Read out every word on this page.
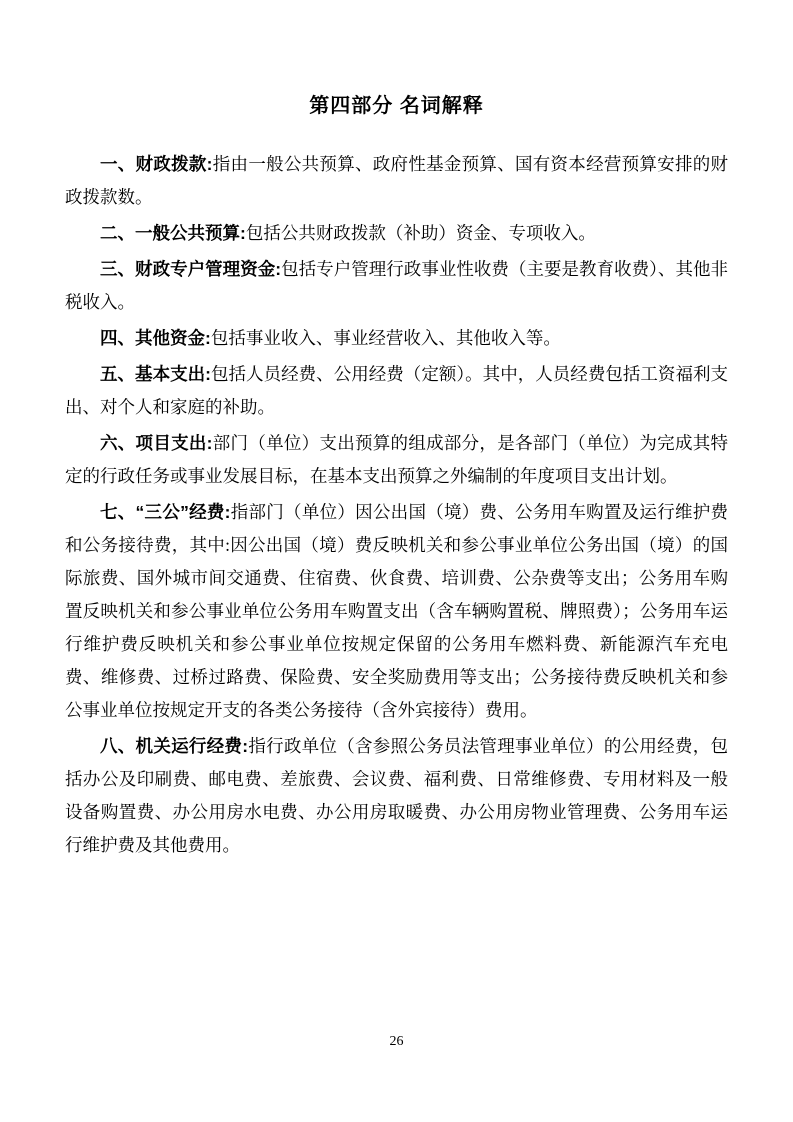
第四部分 名词解释

一、财政拨款:指由一般公共预算、政府性基金预算、国有资本经营预算安排的财政拨款数。

二、一般公共预算:包括公共财政拨款（补助）资金、专项收入。

三、财政专户管理资金:包括专户管理行政事业性收费（主要是教育收费）、其他非税收入。

四、其他资金:包括事业收入、事业经营收入、其他收入等。

五、基本支出:包括人员经费、公用经费（定额）。其中，人员经费包括工资福利支出、对个人和家庭的补助。

六、项目支出:部门（单位）支出预算的组成部分，是各部门（单位）为完成其特定的行政任务或事业发展目标，在基本支出预算之外编制的年度项目支出计划。

七、“三公”经费:指部门（单位）因公出国（境）费、公务用车购置及运行维护费和公务接待费，其中:因公出国（境）费反映机关和参公事业单位公务出国（境）的国际旅费、国外城市间交通费、住宿费、伙食费、培训费、公杂费等支出；公务用车购置反映机关和参公事业单位公务用车购置支出（含车辆购置税、牌照费）；公务用车运行维护费反映机关和参公事业单位按规定保留的公务用车燃料费、新能源汽车充电费、维修费、过桥过路费、保险费、安全奖励费用等支出；公务接待费反映机关和参公事业单位按规定开支的各类公务接待（含外宾接待）费用。

八、机关运行经费:指行政单位（含参照公务员法管理事业单位）的公用经费，包括办公及印刷费、邮电费、差旅费、会议费、福利费、日常维修费、专用材料及一般设备购置费、办公用房水电费、办公用房取暖费、办公用房物业管理费、公务用车运行维护费及其他费用。

26
